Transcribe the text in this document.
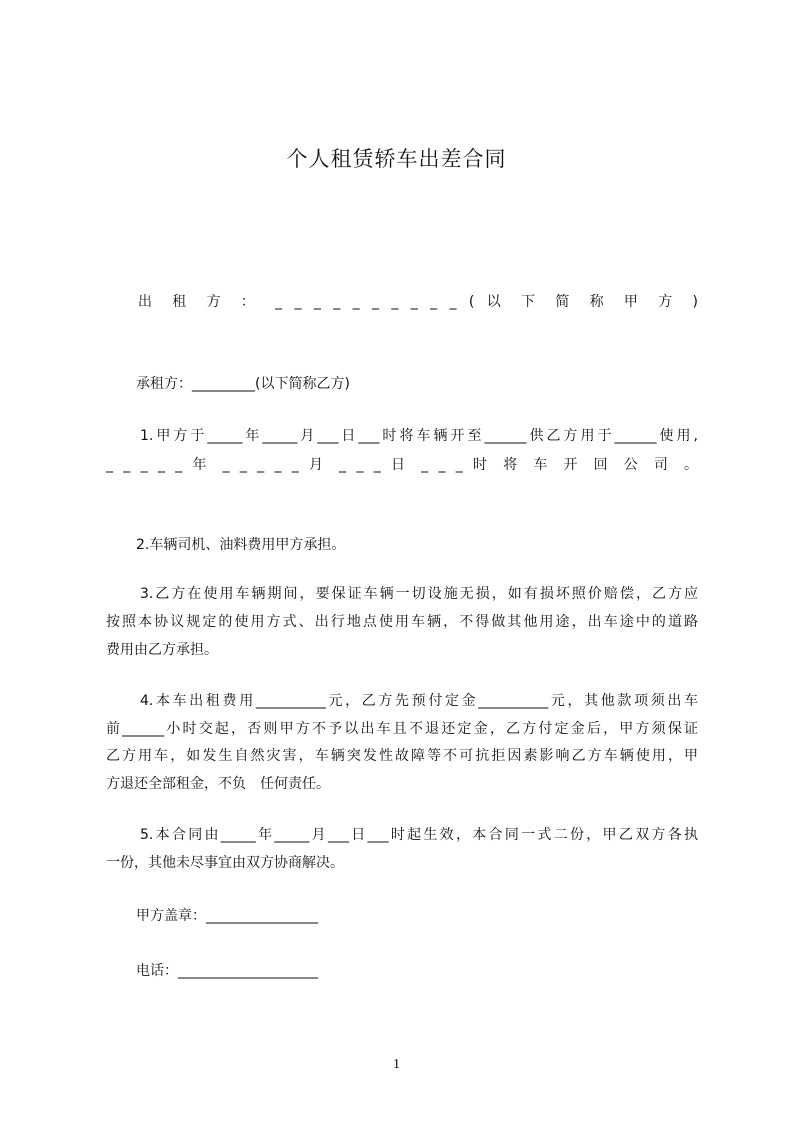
个人租赁轿车出差合同
出 租 方 ： _ _ _ _ _ _ _ _ _ _ ( 以 下 简 称 甲 方 )
承租方：_________(以下简称乙方)
1.甲方于_____年_____月___日___时将车辆开至______供乙方用于______使用,
_ _ _ _ _ 年 _ _ _ _ _ 月 _ _ _ 日 _ _ _ 时 将 车 开 回 公 司 。
2.车辆司机、油料费用甲方承担。
3.乙方在使用车辆期间，要保证车辆一切设施无损，如有损坏照价赔偿，乙方应
按照本协议规定的使用方式、出行地点使用车辆，不得做其他用途，出车途中的道路
费用由乙方承担。
4.本车出租费用__________元，乙方先预付定金__________元，其他款项须出车
前______小时交起，否则甲方不予以出车且不退还定金，乙方付定金后，甲方须保证
乙方用车，如发生自然灾害，车辆突发性故障等不可抗拒因素影响乙方车辆使用，甲
方退还全部租金，不负　任何责任。
5.本合同由_____年_____月___日___时起生效，本合同一式二份，甲乙双方各执
一份，其他未尽事宜由双方协商解决。
甲方盖章：________________
电话：____________________
1
